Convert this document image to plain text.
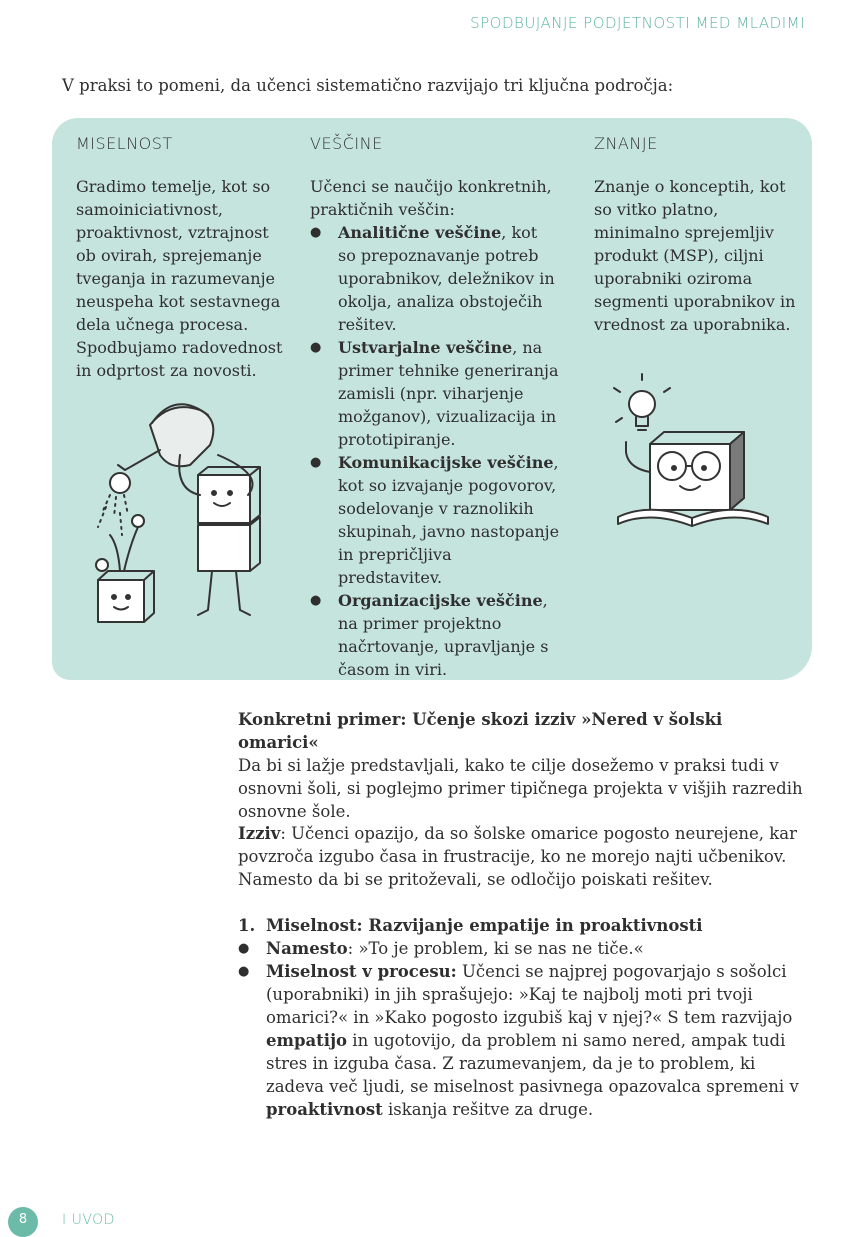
SPODBUJANJE PODJETNOSTI MED MLADIMI
V praksi to pomeni, da učenci sistematično razvijajo tri ključna področja:
MISELNOST

Gradimo temelje, kot so samoiniciativnost, proaktivnost, vztrajnost ob ovirah, sprejemanje tveganja in razumevanje neuspeha kot sestavnega dela učnega procesa. Spodbujamo radovednost in odprtost za novosti.

VEŠČINE

Učenci se naučijo konkretnih, praktičnih veščin:

● Analitične veščine, kot so prepoznavanje potreb uporabnikov, deležnikov in okolja, analiza obstoječih rešitev.
● Ustvarjalne veščine, na primer tehnike generiranja zamisli (npr. viharjenje možganov), vizualizacija in prototipiranje.
● Komunikacijske veščine, kot so izvajanje pogovorov, sodelovanje v raznolikih skupinah, javno nastopanje in prepričljiva predstavitev.
● Organizacijske veščine, na primer projektno načrtovanje, upravljanje s časom in viri.
ZNANJE

Znanje o konceptih, kot so vitko platno, minimalno sprejemljiv produkt (MSP), ciljni uporabniki oziroma segmenti uporabnikov in vrednost za uporabnika.

Konkretni primer: Učenje skozi izziv »Nered v šolski omarici«

Da bi si lažje predstavljali, kako te cilje dosežemo v praksi tudi v osnovni šoli, si poglejmo primer tipičnega projekta v višjih razredih osnovne šole.

Izziv: Učenci opazijo, da so šolske omarice pogosto neurejene, kar povzroča izgubo časa in frustracije, ko ne morejo najti učbenikov. Namesto da bi se pritoževali, se odločijo poiskati rešitev.

1. Miselnost: Razvijanje empatije in proaktivnosti
● Namesto: »To je problem, ki se nas ne tiče.«
● Miselnost v procesu: Učenci se najprej pogovarjajo s sošolci (uporabniki) in jih sprašujejo: »Kaj te najbolj moti pri tvoji omarici?« in »Kako pogosto izgubiš kaj v njej?« S tem razvijajo empatijo in ugotovijo, da problem ni samo nered, ampak tudi stres in izguba časa. Z razumevanjem, da je to problem, ki zadeva več ljudi, se miselnost pasivnega opazovalca spremeni v proaktivnost iskanja rešitve za druge.
8	I UVOD
